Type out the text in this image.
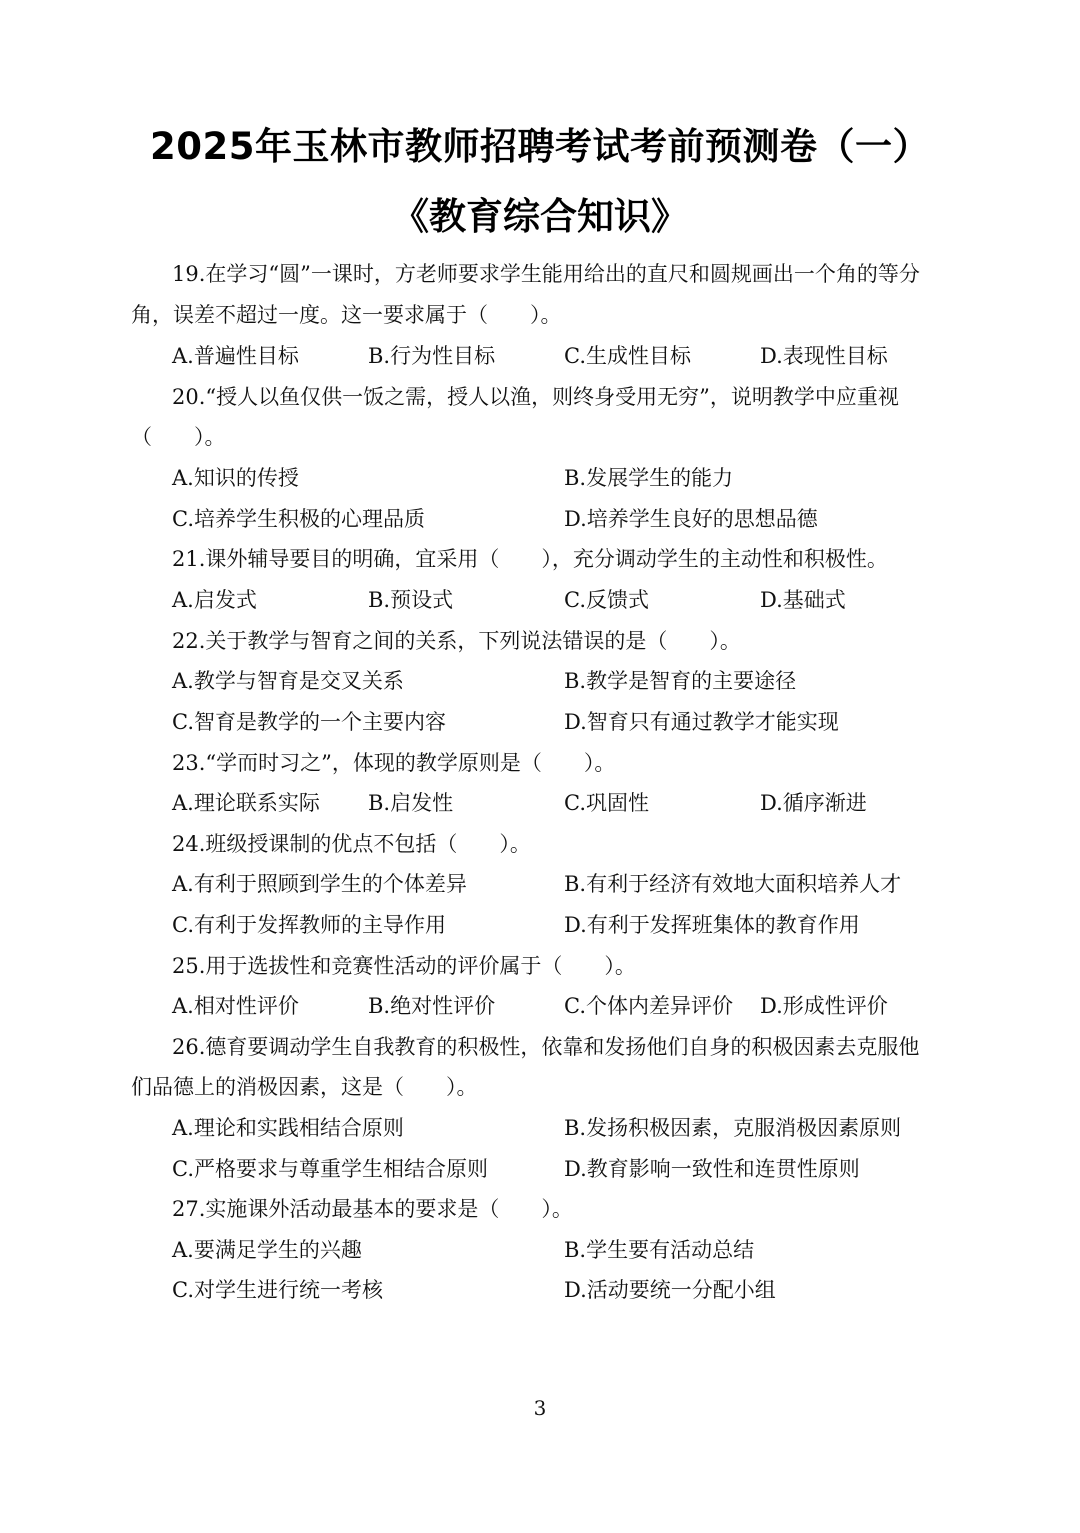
2025年玉林市教师招聘考试考前预测卷（一）
《教育综合知识》
19.在学习“圆”一课时，方老师要求学生能用给出的直尺和圆规画出一个角的等分
角，误差不超过一度。这一要求属于（　　）。
A.普遍性目标	B.行为性目标	C.生成性目标	D.表现性目标
20.“授人以鱼仅供一饭之需，授人以渔，则终身受用无穷”，说明教学中应重视
（　　）。
A.知识的传授	B.发展学生的能力
C.培养学生积极的心理品质	D.培养学生良好的思想品德
21.课外辅导要目的明确，宜采用（　　），充分调动学生的主动性和积极性。
A.启发式	B.预设式	C.反馈式	D.基础式
22.关于教学与智育之间的关系，下列说法错误的是（　　）。
A.教学与智育是交叉关系	B.教学是智育的主要途径
C.智育是教学的一个主要内容	D.智育只有通过教学才能实现
23.“学而时习之”，体现的教学原则是（　　）。
A.理论联系实际 B.启发性	C.巩固性	D.循序渐进
24.班级授课制的优点不包括（　　）。
A.有利于照顾到学生的个体差异	B.有利于经济有效地大面积培养人才
C.有利于发挥教师的主导作用	D.有利于发挥班集体的教育作用
25.用于选拔性和竞赛性活动的评价属于（　　）。
A.相对性评价	B.绝对性评价	C.个体内差异评价 D.形成性评价
26.德育要调动学生自我教育的积极性，依靠和发扬他们自身的积极因素去克服他
们品德上的消极因素，这是（　　）。
A.理论和实践相结合原则	B.发扬积极因素，克服消极因素原则
C.严格要求与尊重学生相结合原则	D.教育影响一致性和连贯性原则
27.实施课外活动最基本的要求是（　　）。
A.要满足学生的兴趣	B.学生要有活动总结
C.对学生进行统一考核	D.活动要统一分配小组
3
